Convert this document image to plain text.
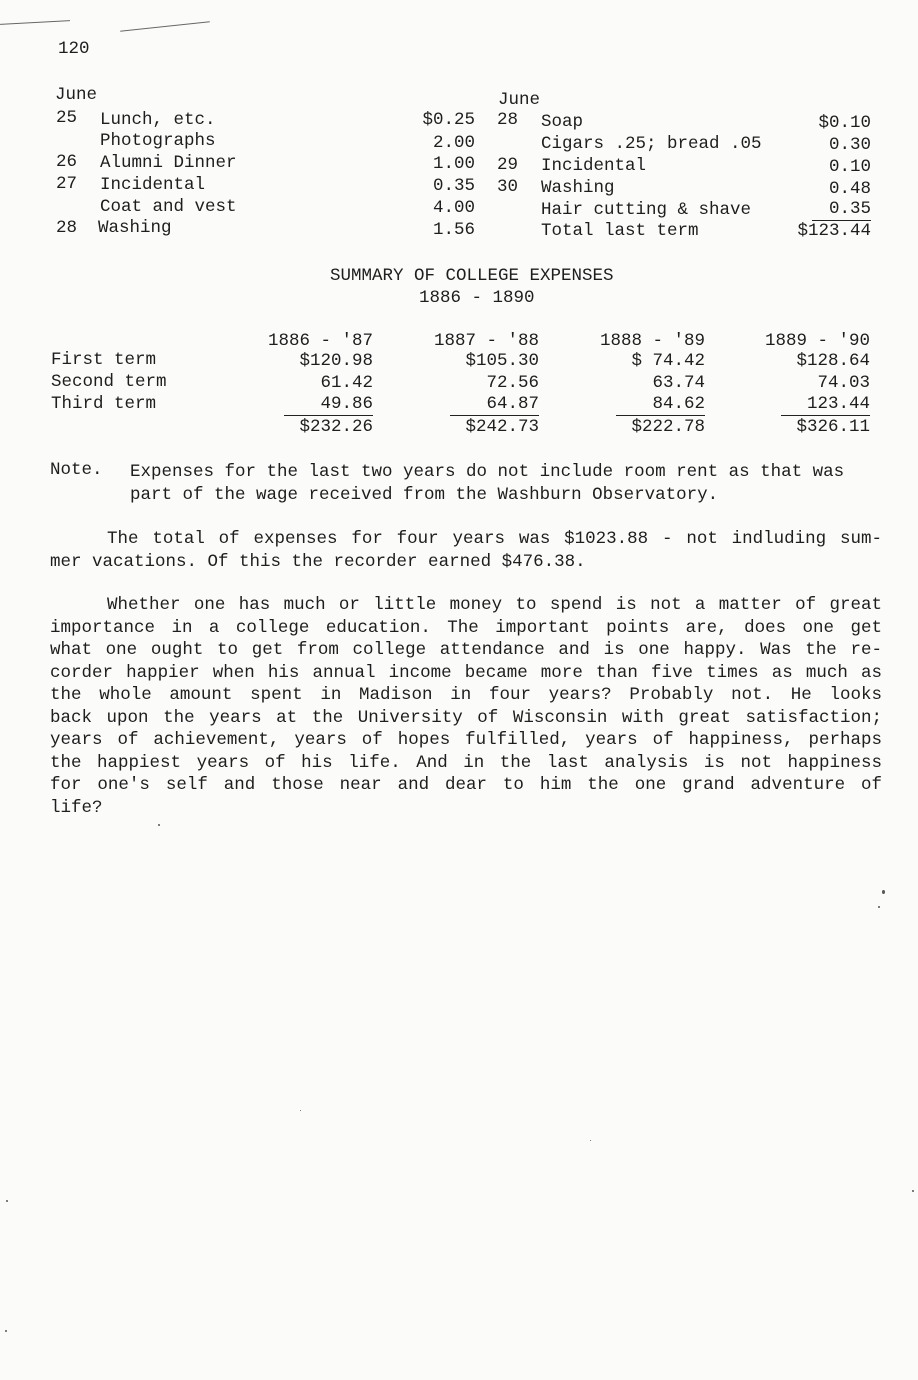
120
June
25 Lunch, etc.	$0.25
Photographs	2.00
26 Alumni Dinner	1.00
27 Incidental	0.35
Coat and vest	4.00
28 Washing	1.56
June
28 Soap	$0.10
Cigars .25; bread .05	0.30
29 Incidental	0.10
30 Washing	0.48
Hair cutting & shave	0.35
Total last term	$123.44
SUMMARY OF COLLEGE EXPENSES
1886 - 1890
1886 - '87	1887 - '88	1888 - '89	1889 - '90
First term	$120.98	$105.30	$ 74.42	$128.64
Second term	61.42	72.56	63.74	74.03
Third term	49.86	64.87	84.62	123.44
$232.26	$242.73	$222.78	$326.11
Note. Expenses for the last two years do not include room rent as that was
part of the wage received from the Washburn Observatory.
The total of expenses for four years was $1023.88 - not indluding sum-
mer vacations. Of this the recorder earned $476.38.
Whether one has much or little money to spend is not a matter of great
importance in a college education. The important points are, does one get
what one ought to get from college attendance and is one happy. Was the re-
corder happier when his annual income became more than five times as much as
the whole amount spent in Madison in four years? Probably not. He looks
back upon the years at the University of Wisconsin with great satisfaction;
years of achievement, years of hopes fulfilled, years of happiness, perhaps
the happiest years of his life. And in the last analysis is not happiness
for one's self and those near and dear to him the one grand adventure of
life?
